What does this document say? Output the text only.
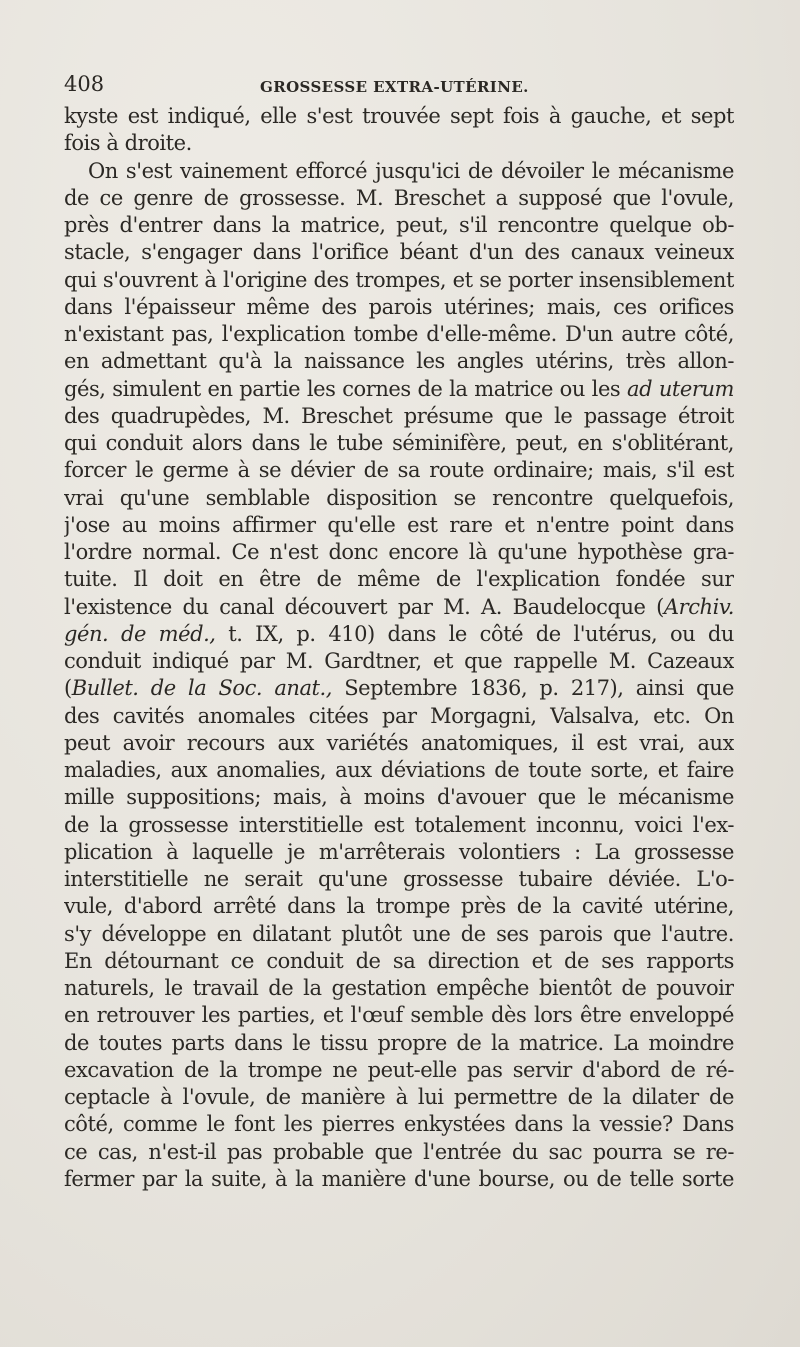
408	GROSSESSE EXTRA-UTÉRINE.
kyste est indiqué, elle s'est trouvée sept fois à gauche, et sept
fois à droite.
On s'est vainement efforcé jusqu'ici de dévoiler le mécanisme
de ce genre de grossesse. M. Breschet a supposé que l'ovule,
près d'entrer dans la matrice, peut, s'il rencontre quelque ob-
stacle, s'engager dans l'orifice béant d'un des canaux veineux
qui s'ouvrent à l'origine des trompes, et se porter insensiblement
dans l'épaisseur même des parois utérines; mais, ces orifices
n'existant pas, l'explication tombe d'elle-même. D'un autre côté,
en admettant qu'à la naissance les angles utérins, très allon-
gés, simulent en partie les cornes de la matrice ou les ad uterum
des quadrupèdes, M. Breschet présume que le passage étroit
qui conduit alors dans le tube séminifère, peut, en s'oblitérant,
forcer le germe à se dévier de sa route ordinaire; mais, s'il est
vrai qu'une semblable disposition se rencontre quelquefois,
j'ose au moins affirmer qu'elle est rare et n'entre point dans
l'ordre normal. Ce n'est donc encore là qu'une hypothèse gra-
tuite. Il doit en être de même de l'explication fondée sur
l'existence du canal découvert par M. A. Baudelocque (Archiv.
gén. de méd., t. IX, p. 410) dans le côté de l'utérus, ou du
conduit indiqué par M. Gardtner, et que rappelle M. Cazeaux
(Bullet. de la Soc. anat., Septembre 1836, p. 217), ainsi que
des cavités anomales citées par Morgagni, Valsalva, etc. On
peut avoir recours aux variétés anatomiques, il est vrai, aux
maladies, aux anomalies, aux déviations de toute sorte, et faire
mille suppositions; mais, à moins d'avouer que le mécanisme
de la grossesse interstitielle est totalement inconnu, voici l'ex-
plication à laquelle je m'arrêterais volontiers : La grossesse
interstitielle ne serait qu'une grossesse tubaire déviée. L'o-
vule, d'abord arrêté dans la trompe près de la cavité utérine,
s'y développe en dilatant plutôt une de ses parois que l'autre.
En détournant ce conduit de sa direction et de ses rapports
naturels, le travail de la gestation empêche bientôt de pouvoir
en retrouver les parties, et l'œuf semble dès lors être enveloppé
de toutes parts dans le tissu propre de la matrice. La moindre
excavation de la trompe ne peut-elle pas servir d'abord de ré-
ceptacle à l'ovule, de manière à lui permettre de la dilater de
côté, comme le font les pierres enkystées dans la vessie? Dans
ce cas, n'est-il pas probable que l'entrée du sac pourra se re-
fermer par la suite, à la manière d'une bourse, ou de telle sorte
